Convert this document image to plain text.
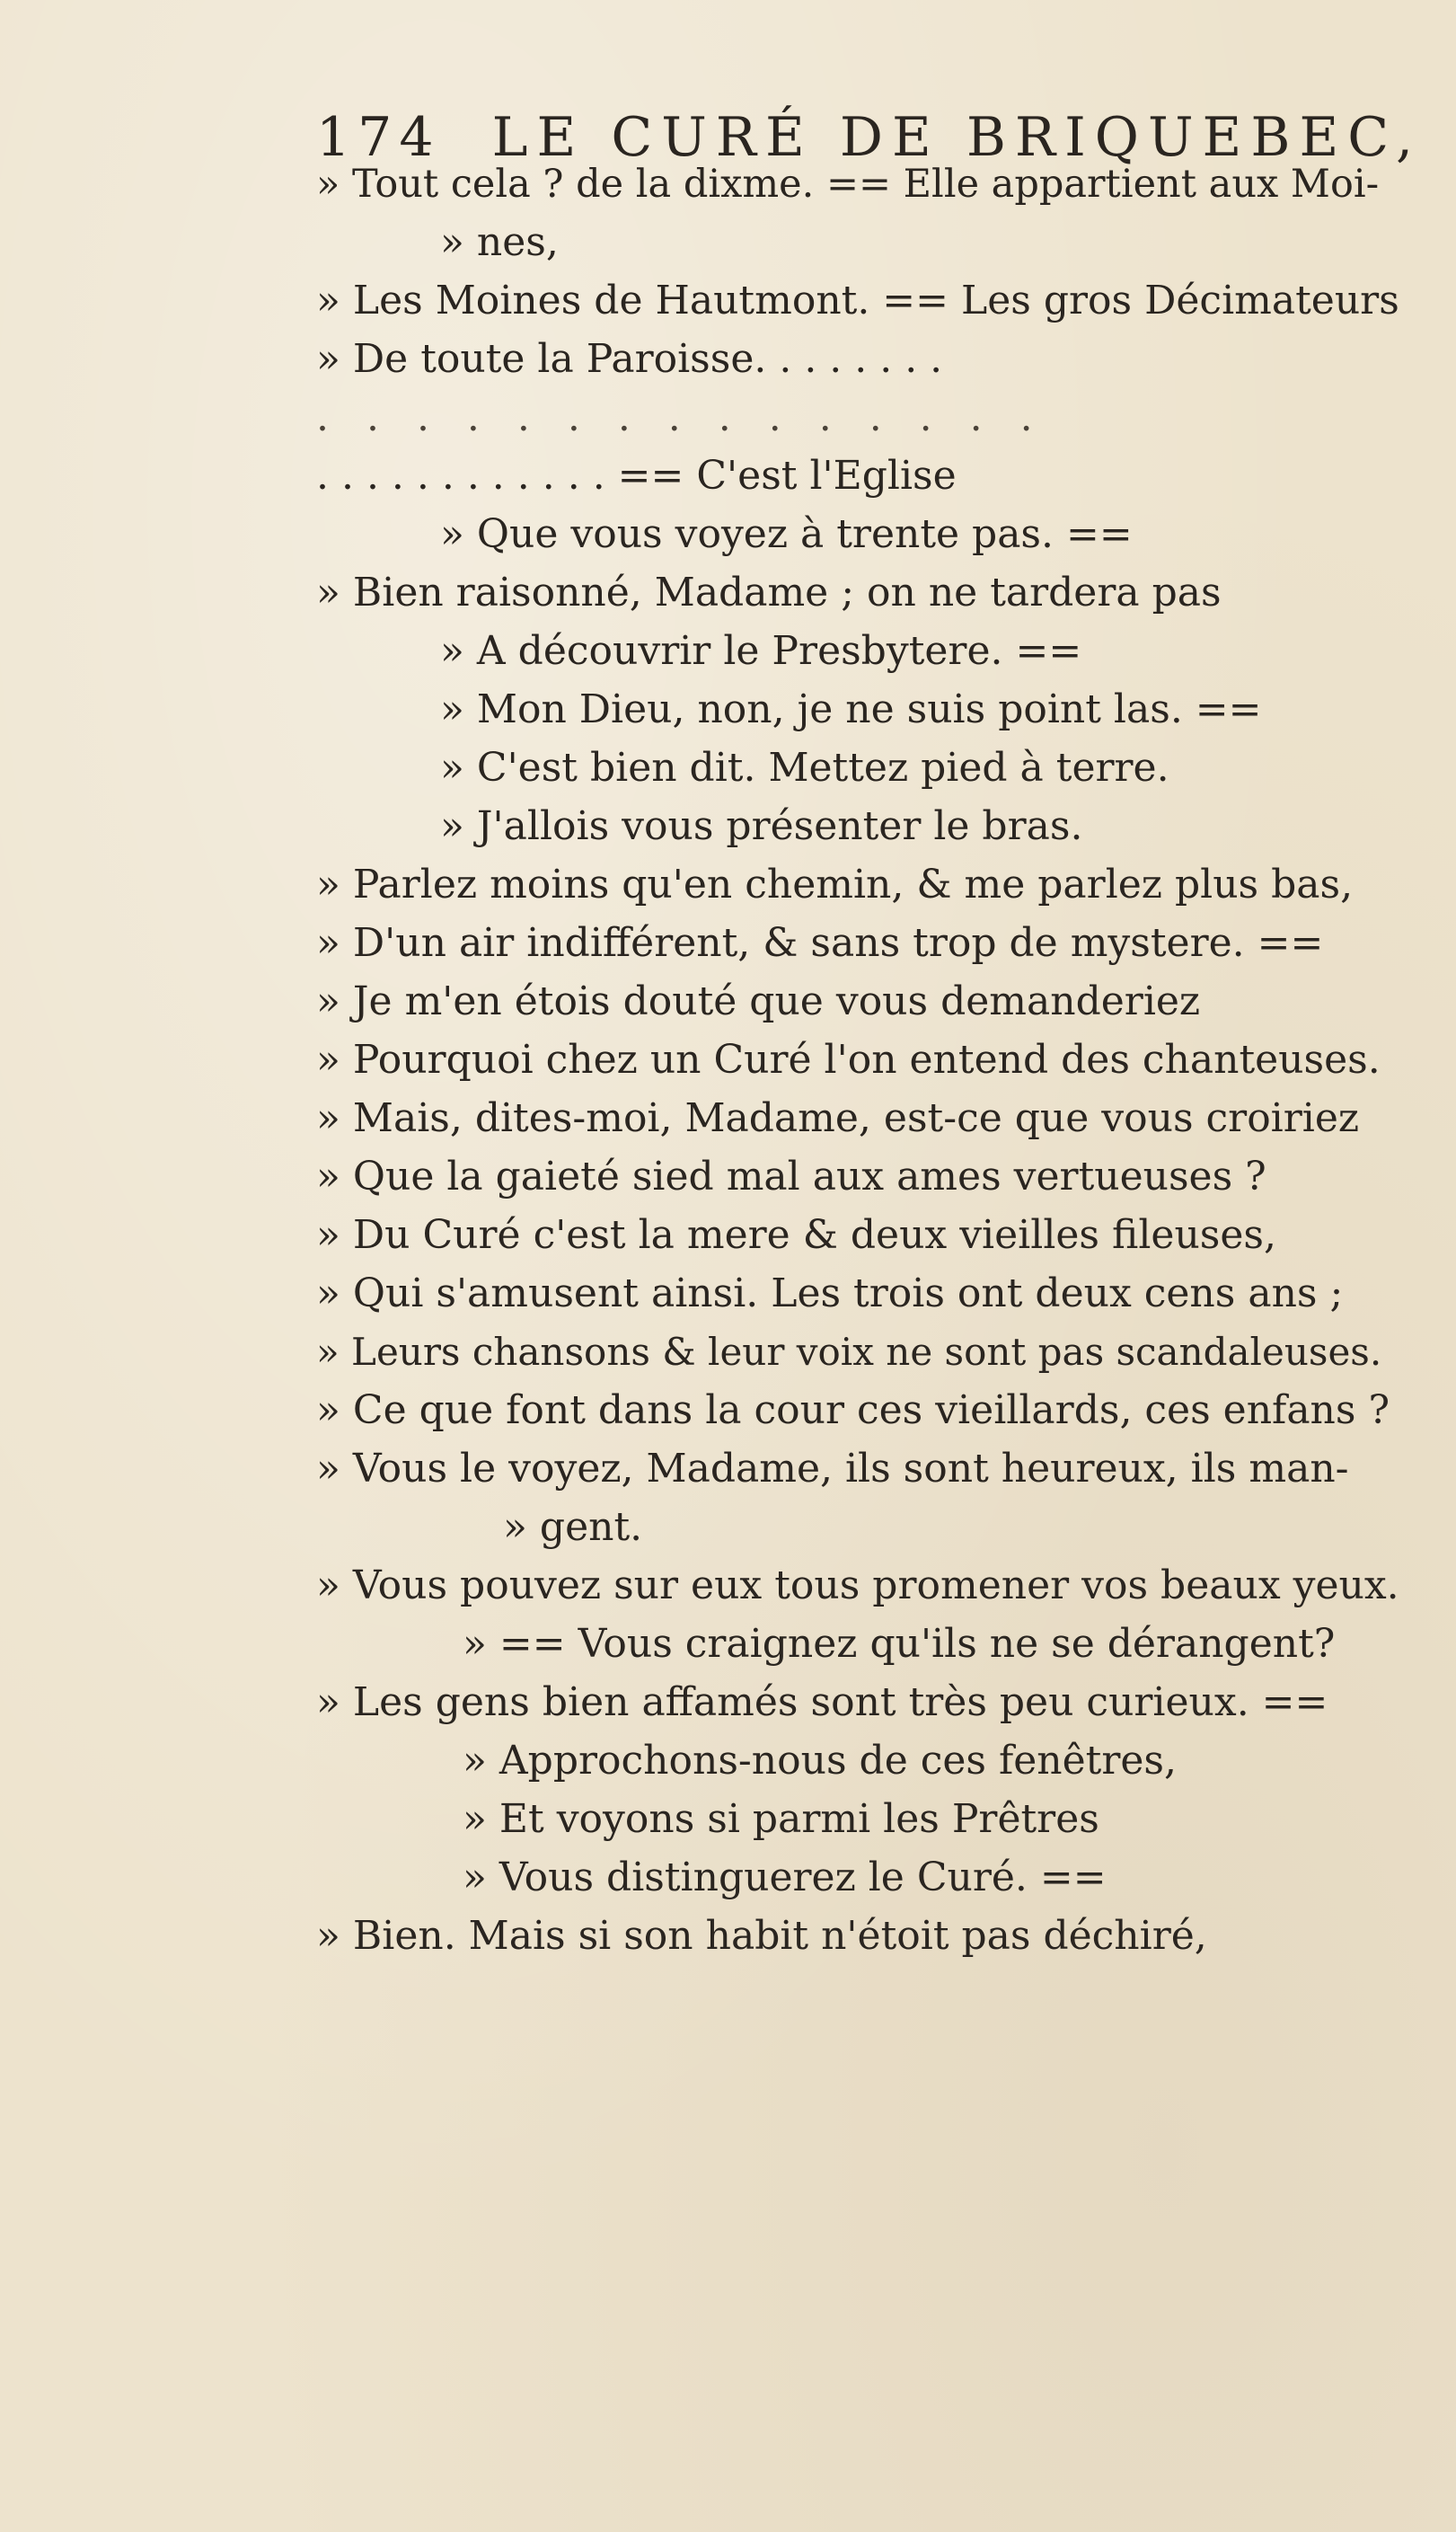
174 LE CURÉ DE BRIQUEBEC,
» Tout cela ? de la dixme. == Elle appartient aux Moi-
» nes,
» Les Moines de Hautmont. == Les gros Décimateurs
» De toute la Paroisse. . . . . . . .
. . . . . . . . . . . . . . .
. . . . . . . . . . . . == C'est l'Eglise
» Que vous voyez à trente pas. ==
» Bien raisonné, Madame ; on ne tardera pas
» A découvrir le Presbytere. ==
» Mon Dieu, non, je ne suis point las. ==
» C'est bien dit. Mettez pied à terre.
» J'allois vous présenter le bras.
» Parlez moins qu'en chemin, & me parlez plus bas,
» D'un air indifférent, & sans trop de mystere. ==
» Je m'en étois douté que vous demanderiez
» Pourquoi chez un Curé l'on entend des chanteuses.
» Mais, dites-moi, Madame, est-ce que vous croiriez
» Que la gaieté sied mal aux ames vertueuses ?
» Du Curé c'est la mere & deux vieilles fileuses,
» Qui s'amusent ainsi. Les trois ont deux cens ans ;
» Leurs chansons & leur voix ne sont pas scandaleuses.
» Ce que font dans la cour ces vieillards, ces enfans ?
» Vous le voyez, Madame, ils sont heureux, ils man-
» gent.
» Vous pouvez sur eux tous promener vos beaux yeux.
» == Vous craignez qu'ils ne se dérangent?
» Les gens bien affamés sont très peu curieux. ==
» Approchons-nous de ces fenêtres,
» Et voyons si parmi les Prêtres
» Vous distinguerez le Curé. ==
» Bien. Mais si son habit n'étoit pas déchiré,
